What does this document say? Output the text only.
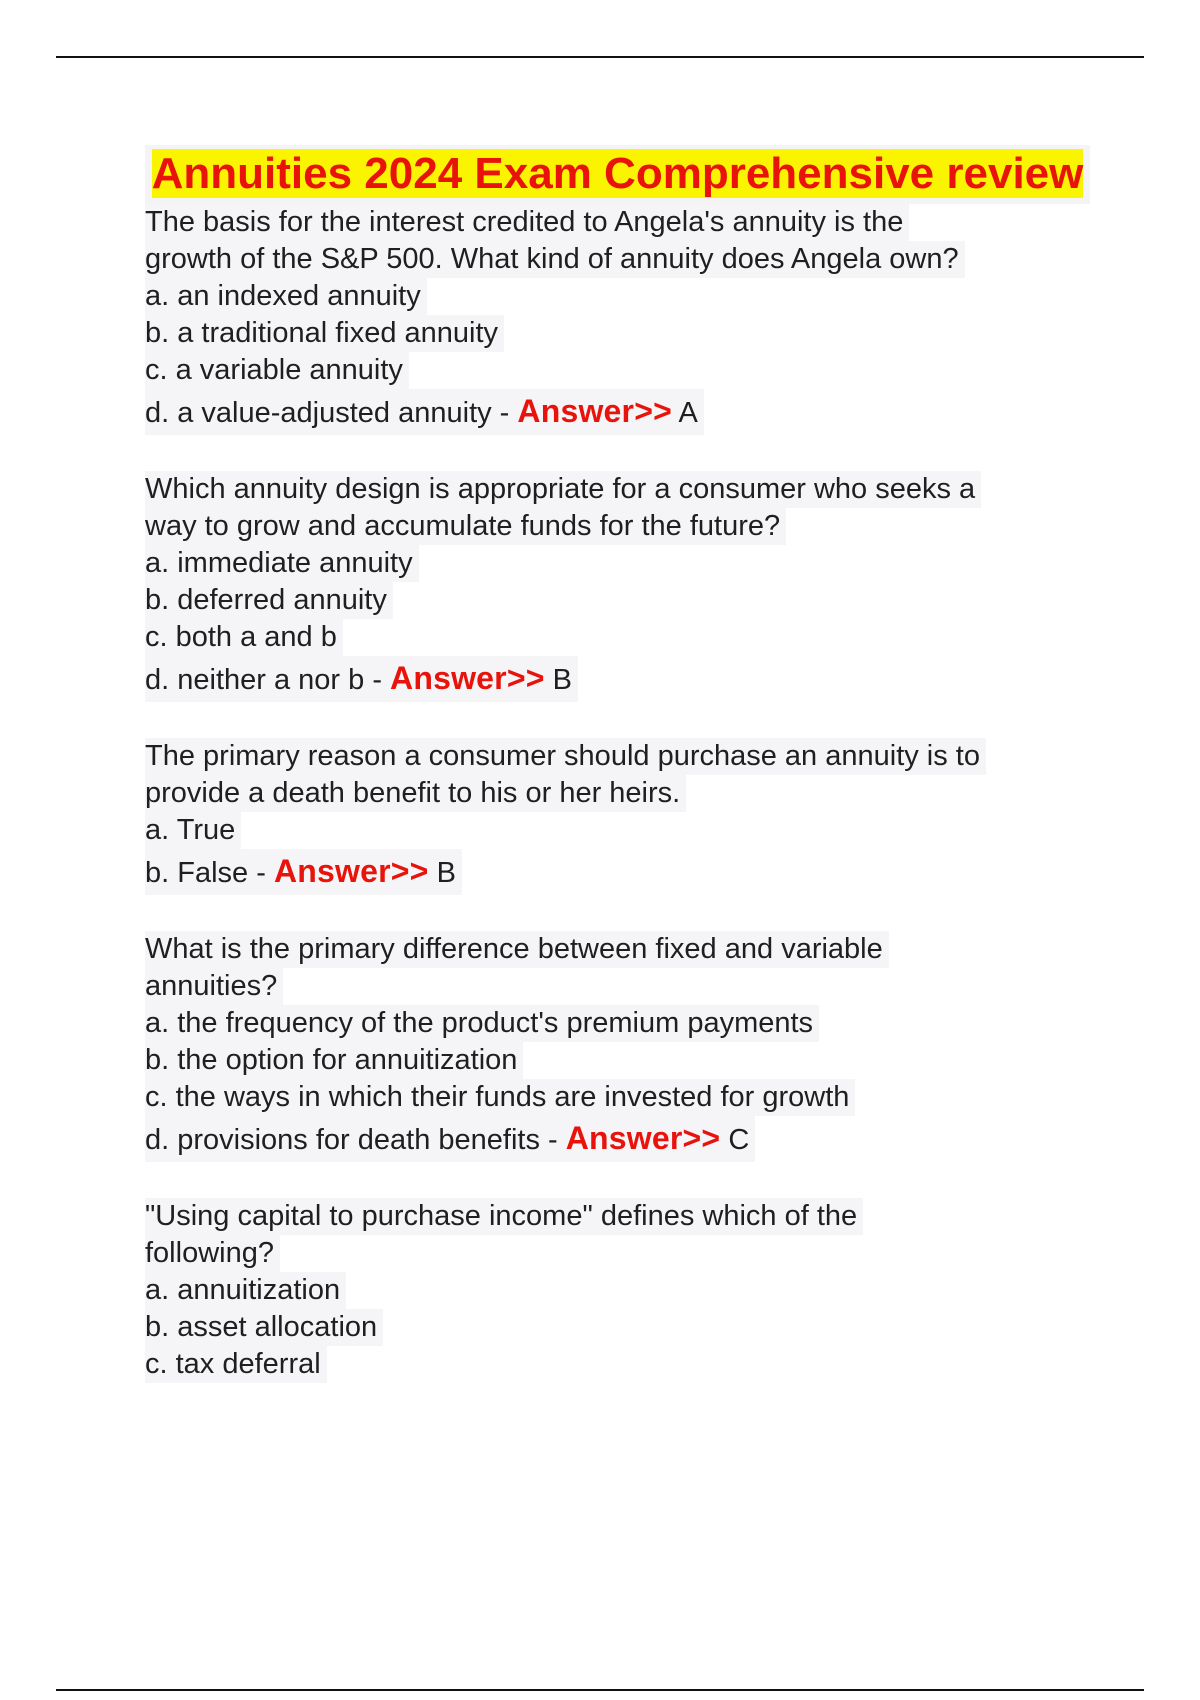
Annuities 2024 Exam Comprehensive review
The basis for the interest credited to Angela's annuity is the
growth of the S&P 500. What kind of annuity does Angela own?
a. an indexed annuity
b. a traditional fixed annuity
c. a variable annuity
d. a value-adjusted annuity - Answer>> A
Which annuity design is appropriate for a consumer who seeks a
way to grow and accumulate funds for the future?
a. immediate annuity
b. deferred annuity
c. both a and b
d. neither a nor b - Answer>> B
The primary reason a consumer should purchase an annuity is to
provide a death benefit to his or her heirs.
a. True
b. False - Answer>> B
What is the primary difference between fixed and variable
annuities?
a. the frequency of the product's premium payments
b. the option for annuitization
c. the ways in which their funds are invested for growth
d. provisions for death benefits - Answer>> C
"Using capital to purchase income" defines which of the
following?
a. annuitization
b. asset allocation
c. tax deferral
